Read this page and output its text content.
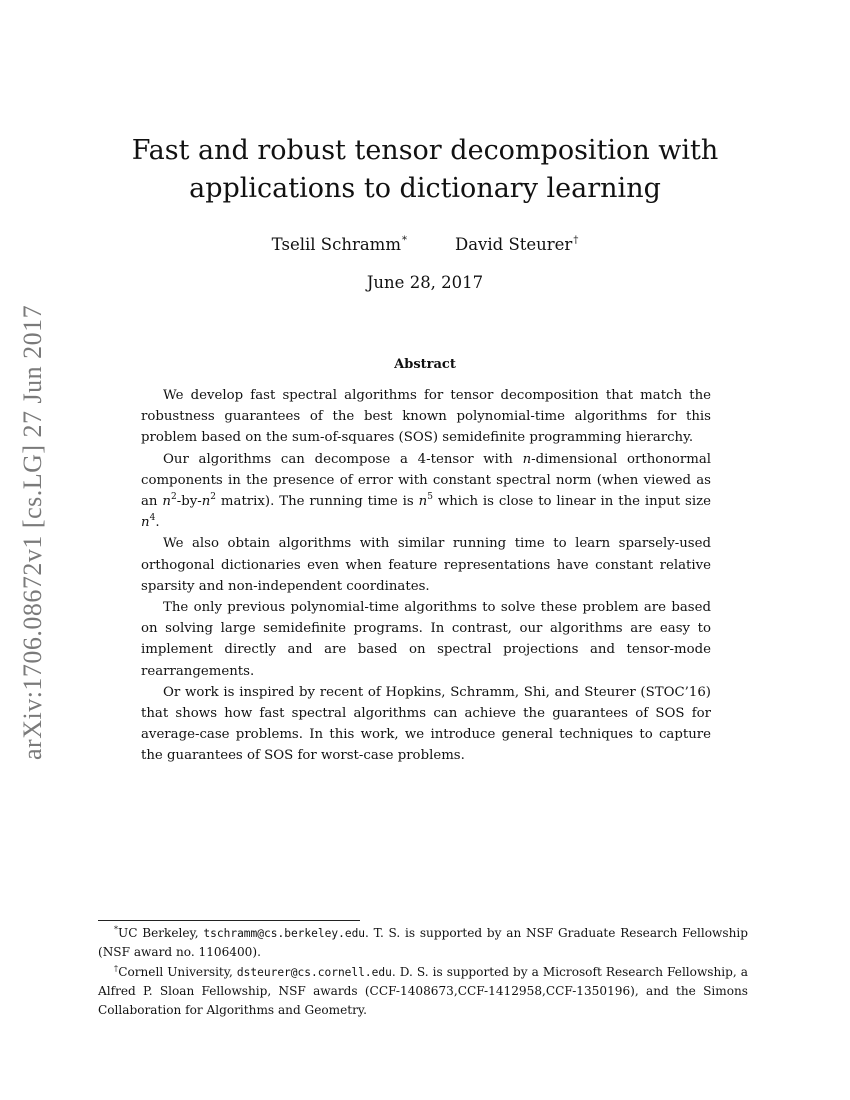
arXiv:1706.08672v1 [cs.LG] 27 Jun 2017
Fast and robust tensor decomposition with applications to dictionary learning
Tselil Schramm*	David Steurer†
June 28, 2017
Abstract

We develop fast spectral algorithms for tensor decomposition that match the robustness guarantees of the best known polynomial-time algorithms for this problem based on the sum-of-squares (SOS) semidefinite programming hierarchy.

Our algorithms can decompose a 4-tensor with n-dimensional orthonormal components in the presence of error with constant spectral norm (when viewed as an $n^2-by-n^2$ matrix). The running time is $n^5$ which is close to linear in the input size $n^4$.

We also obtain algorithms with similar running time to learn sparsely-used orthogonal dictionaries even when feature representations have constant relative sparsity and non-independent coordinates.

The only previous polynomial-time algorithms to solve these problem are based on solving large semidefinite programs. In contrast, our algorithms are easy to implement directly and are based on spectral projections and tensor-mode rearrangements.

Or work is inspired by recent of Hopkins, Schramm, Shi, and Steurer (STOC’16) that shows how fast spectral algorithms can achieve the guarantees of SOS for average-case problems. In this work, we introduce general techniques to capture the guarantees of SOS for worst-case problems.

*UC Berkeley, tschramm@cs.berkeley.edu. T. S. is supported by an NSF Graduate Research Fellowship (NSF award no. 1106400).

†Cornell University, dsteurer@cs.cornell.edu. D. S. is supported by a Microsoft Research Fellowship, a Alfred P. Sloan Fellowship, NSF awards (CCF-1408673,CCF-1412958,CCF-1350196), and the Simons Collaboration for Algorithms and Geometry.
